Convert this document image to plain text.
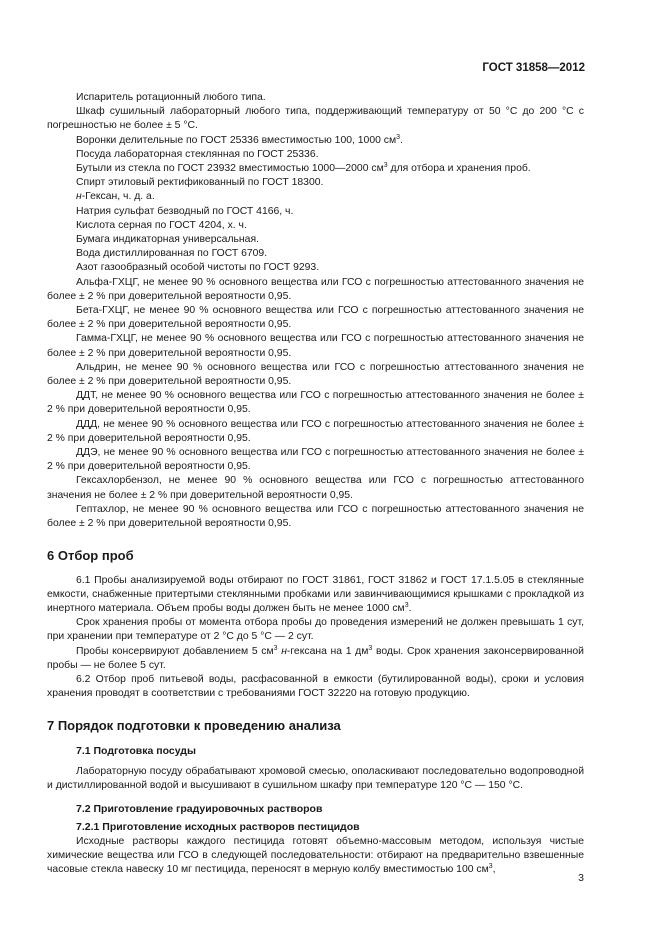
ГОСТ 31858—2012

Испаритель ротационный любого типа.

Шкаф сушильный лабораторный любого типа, поддерживающий температуру от 50 °С до 200 °С с погрешностью не более ± 5 °С.

Воронки делительные по ГОСТ 25336 вместимостью 100, 1000 $см^3$.

Посуда лабораторная стеклянная по ГОСТ 25336.

Бутыли из стекла по ГОСТ 23932 вместимостью 1000—2000 $см^3$ для отбора и хранения проб.

Спирт этиловый ректификованный по ГОСТ 18300.

н-Гексан, ч. д. а.

Натрия сульфат безводный по ГОСТ 4166, ч.

Кислота серная по ГОСТ 4204, х. ч.

Бумага индикаторная универсальная.

Вода дистиллированная по ГОСТ 6709.

Азот газообразный особой чистоты по ГОСТ 9293.

Альфа-ГХЦГ, не менее 90 % основного вещества или ГСО с погрешностью аттестованного значения не более ± 2 % при доверительной вероятности 0,95.

Бета-ГХЦГ, не менее 90 % основного вещества или ГСО с погрешностью аттестованного значения не более ± 2 % при доверительной вероятности 0,95.

Гамма-ГХЦГ, не менее 90 % основного вещества или ГСО с погрешностью аттестованного значения не более ± 2 % при доверительной вероятности 0,95.

Альдрин, не менее 90 % основного вещества или ГСО с погрешностью аттестованного значения не более ± 2 % при доверительной вероятности 0,95.

ДДТ, не менее 90 % основного вещества или ГСО с погрешностью аттестованного значения не более ± 2 % при доверительной вероятности 0,95.

ДДД, не менее 90 % основного вещества или ГСО с погрешностью аттестованного значения не более ± 2 % при доверительной вероятности 0,95.

ДДЭ, не менее 90 % основного вещества или ГСО с погрешностью аттестованного значения не более ± 2 % при доверительной вероятности 0,95.

Гексахлорбензол, не менее 90 % основного вещества или ГСО с погрешностью аттестованного значения не более ± 2 % при доверительной вероятности 0,95.

Гептахлор, не менее 90 % основного вещества или ГСО с погрешностью аттестованного значения не более ± 2 % при доверительной вероятности 0,95.

6 Отбор проб

6.1 Пробы анализируемой воды отбирают по ГОСТ 31861, ГОСТ 31862 и ГОСТ 17.1.5.05 в стеклянные емкости, снабженные притертыми стеклянными пробками или завинчивающимися крышками с прокладкой из инертного материала. Объем пробы воды должен быть не менее 1000 $см^3$.

Срок хранения пробы от момента отбора пробы до проведения измерений не должен превышать 1 сут, при хранении при температуре от 2 °С до 5 °С — 2 сут.

Пробы консервируют добавлением 5 $см^3$ н-гексана на 1 $дм^3$ воды. Срок хранения законсервированной пробы — не более 5 сут.

6.2 Отбор проб питьевой воды, расфасованной в емкости (бутилированной воды), сроки и условия хранения проводят в соответствии с требованиями ГОСТ 32220 на готовую продукцию.

7 Порядок подготовки к проведению анализа

7.1 Подготовка посуды

Лабораторную посуду обрабатывают хромовой смесью, ополаскивают последовательно водопроводной и дистиллированной водой и высушивают в сушильном шкафу при температуре 120 °С — 150 °С.

7.2 Приготовление градуировочных растворов

7.2.1 Приготовление исходных растворов пестицидов

Исходные растворы каждого пестицида готовят объемно-массовым методом, используя чистые химические вещества или ГСО в следующей последовательности: отбирают на предварительно взвешенные часовые стекла навеску 10 мг пестицида, переносят в мерную колбу вместимостью 100 $см^3$,

3
